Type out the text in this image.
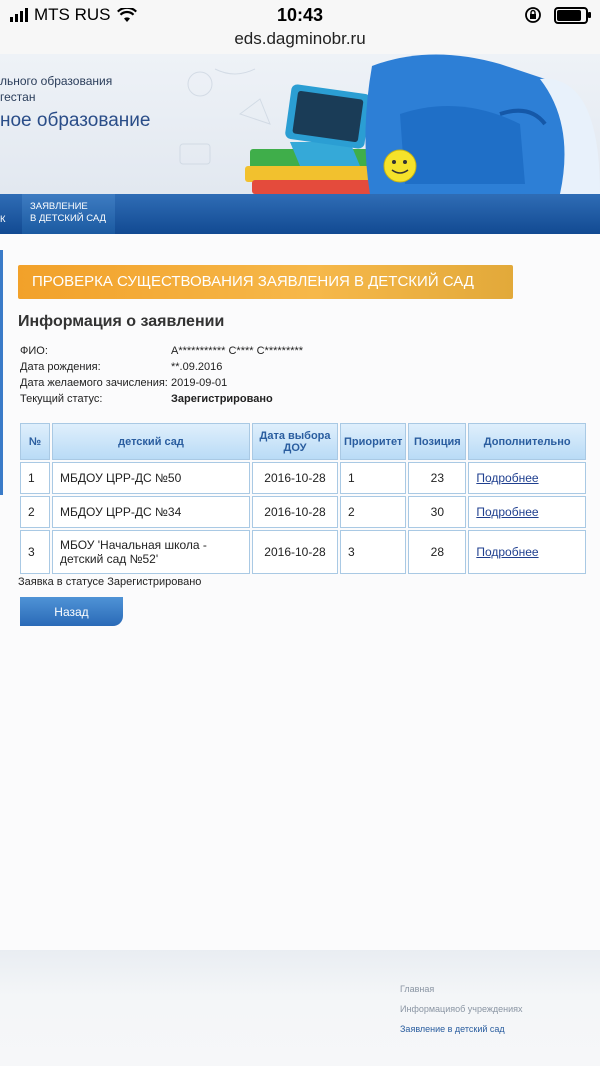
MTS RUS	10:43
eds.dagminobr.ru
льного образования
гестан
ное образование
К
ЗАЯВЛЕНИЕ
В ДЕТСКИЙ САД
ПРОВЕРКА СУЩЕСТВОВАНИЯ ЗАЯВЛЕНИЯ В ДЕТСКИЙ САД
Информация о заявлении
ФИО:	А*********** С**** С*********
Дата рождения:	**.09.2016
Дата желаемого зачисления: 2019-09-01
Текущий статус:	Зарегистрировано
№	детский сад	Дата выбора ДОУ	Приоритет	Позиция	Дополнительно
1	МБДОУ ЦРР-ДС №50	2016-10-28	1	23	Подробнее
2	МБДОУ ЦРР-ДС №34	2016-10-28	2	30	Подробнее
3	МБОУ 'Начальная школа - детский сад №52'	2016-10-28	3	28	Подробнее
Заявка в статусе Зарегистрировано
Назад
Главная
Информацияоб учреждениях
Заявление в детский сад
